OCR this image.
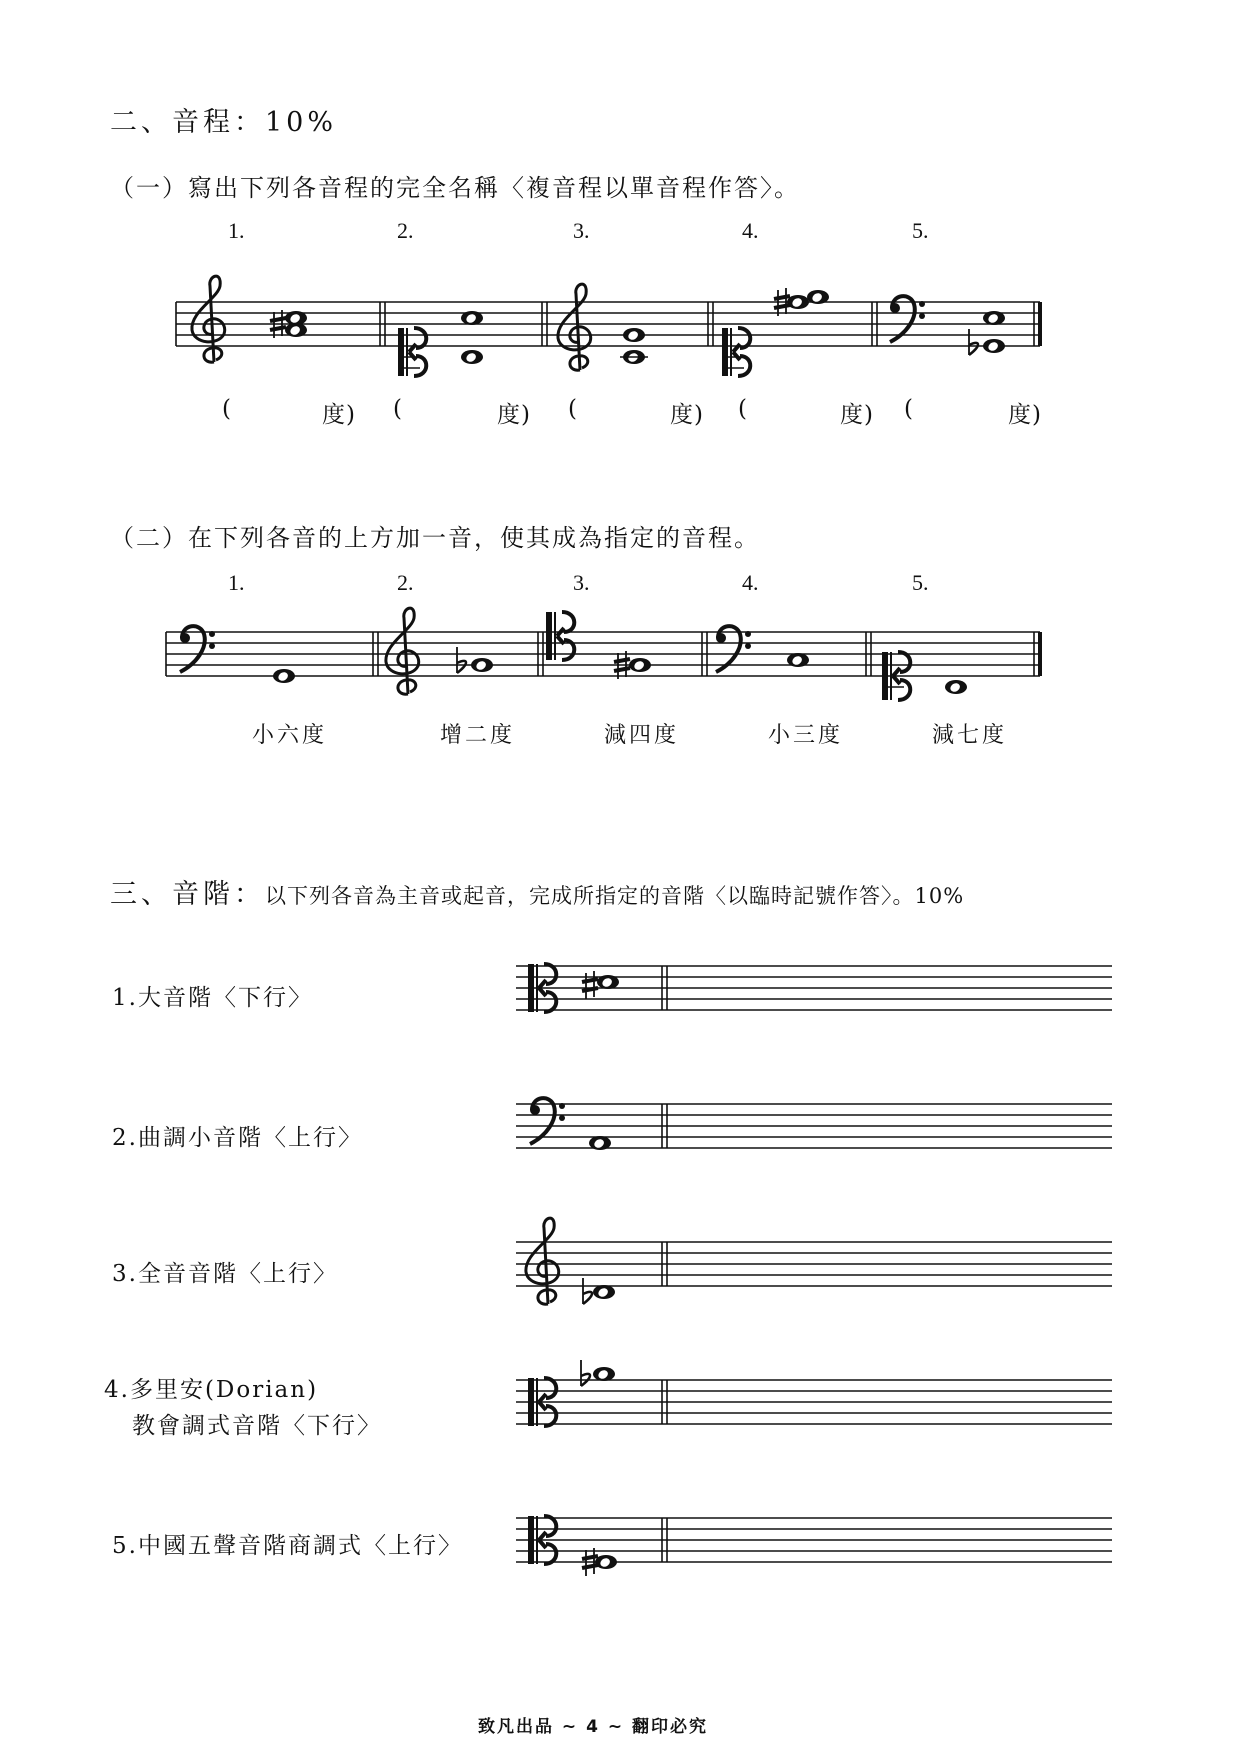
二、音程：10%
（一）寫出下列各音程的完全名稱〈複音程以單音程作答〉。
1.	2.	3.	4.	5.
(	度) (	度) (	度) (	度) (	度)
（二）在下列各音的上方加一音，使其成為指定的音程。
1.	2.	3.	4.	5.
小六度	增二度	減四度	小三度	減七度
三、音階：以下列各音為主音或起音，完成所指定的音階〈以臨時記號作答〉。10%
1.大音階〈下行〉
2.曲調小音階〈上行〉
3.全音音階〈上行〉
4.多里安(Dorian)
教會調式音階〈下行〉
5.中國五聲音階商調式〈上行〉
致凡出品 ~ 4 ~ 翻印必究
